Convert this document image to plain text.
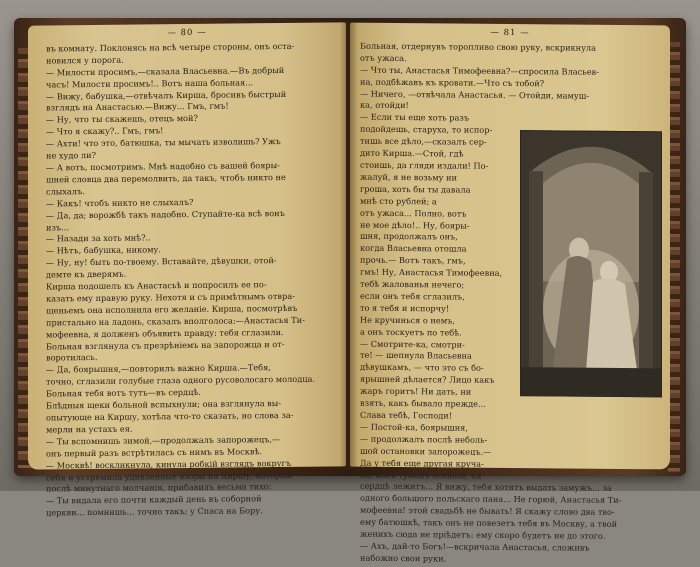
— 80 —
въ комнату. Поклонясь на всѣ четыре стороны, онъ оста-
новился у порога.
— Милости просимъ,—сказала Власьевна.—Въ добрый
часъ! Милости просимъ!.. Вотъ наша больная...
— Вижу, бабушка,—отвѣчалъ Кирша, бросивъ быстрый
взглядъ на Анастасью.—Вижу... Гмъ, гмъ!
— Ну, что ты скажешь, отецъ мой?
— Что я скажу?.. Гмъ, гмъ!
— Ахти! что это, батюшка, ты мычать изволишь? Ужъ
не худо ли?
— А вотъ, посмотримъ. Мнѣ надобно съ вашей бояры-
шней словца два перемолвить, да такъ, чтобъ никто не
слыхалъ.
— Какъ! чтобъ никто не слыхалъ?
— Да, да; ворожбѣ такъ надобно. Ступайте-ка всѣ вонъ
изъ...
— Назади за хоть мнѣ?..
— Нѣтъ, бабушка, никому.
— Ну, ну! быть по-твоему. Вставайте, дѣвушки, отой-
демте къ дверямъ.
Кирша подошелъ къ Анастасьѣ и попросилъ ее по-
казать ему правую руку. Нехотя и съ примѣтнымъ отвра-
щеньемъ она исполнила его желаніе. Кирша, посмотрѣвъ
пристально на ладонь, сказалъ вполголоса:—Анастасья Ти-
мофеевна, я долженъ объявить правду: тебя сглазили.
Больная взглянула съ презрѣніемъ на запорожца и от-
воротилась.
— Да, боярышня,—повторилъ важно Кирша.—Тебя,
точно, сглазили голубые глаза одного русоволосаго молодца.
Больная тебя вотъ тутъ—въ сердцѣ.
Блѣдныя щеки больной вспыхнули; она взглянула вы-
опытующе на Киршу, хотѣла что-то сказать, но слова за-
мерли на устахъ ея.
— Ты вспомнишь зимой,—продолжалъ запорожецъ,—
онъ первый разъ встрѣтилась съ нимъ въ Москвѣ.
— Москвѣ! воскликнула, кинула робкій взглядъ вокругъ
себя и устремила удивленные взоры на Киршу, который
послѣ минутнаго молчанія, прибавилъ весьма тихо:
— Ты видала его почти каждый день въ соборной
церкви... помнишь... точно такъ; у Спаса на Бору.
— 81 —
Больная, отдернувъ торопливо свою руку, вскрикнула
отъ ужаса.
— Что ты, Анастасья Тимофеевна?—спросила Власьев-
на, подбѣжавъ къ кровати.—Что съ тобой?
— Ничего, —отвѣчала Анастасья. — Отойди, мамуш-
ка, отойди!
— Если ты еще хоть разъ
подойдешь, старуха, то испор-
тишь все дѣло,—сказалъ сер-
дито Кирша.—Стой, гдѣ
стоишь, да гляди издали! По-
жалуй, я не возьму ни
гроша, хоть бы ты давала
мнѣ сто рублей; а
отъ ужаса... Полно, вотъ
не мое дѣло!.. Ну, бояры-
шня, продолжалъ онъ,
когда Власьевна отошла
прочь.— Вотъ такъ, гмъ,
гмъ! Ну, Анастасья Тимофеевна,
тебѣ жалованья нечего;
если онъ тебя сглазилъ,
то я тебя и испорчу!
Не кручинься о немъ,
а онъ тоскуетъ по тебѣ.
— Смотрите-ка, смотри-
те! — шепнула Власьевна
дѣвушкамъ, — что это съ бо-
ярышней дѣлается? Лицо какъ
жаръ горитъ! Ни дать, ни
взять, какъ бывало прежде...
Слава тебѣ, Господи!
— Постой-ка, боярышня,
— продолжалъ послѣ неболь-
шой остановки запорожецъ.—
Да у тебя еще другая круча-
на, какъ туманъ осенній, на
сердцѣ лежитъ... Я вижу, тебя хотятъ выдать замужъ... за
одного большого польскаго пана... Не горюй, Анастасья Ти-
мофеевна! этой свадьбѣ не бывать! Я скажу слово два тво-
ему батюшкѣ, такъ онъ не повезетъ тебя въ Москву, а твой
женихъ сюда не пріѣдетъ: ему скоро будетъ не до этого.
— Ахъ, дай-то Богъ!—вскричала Анастасья, сложивъ
набожно свои руки.
